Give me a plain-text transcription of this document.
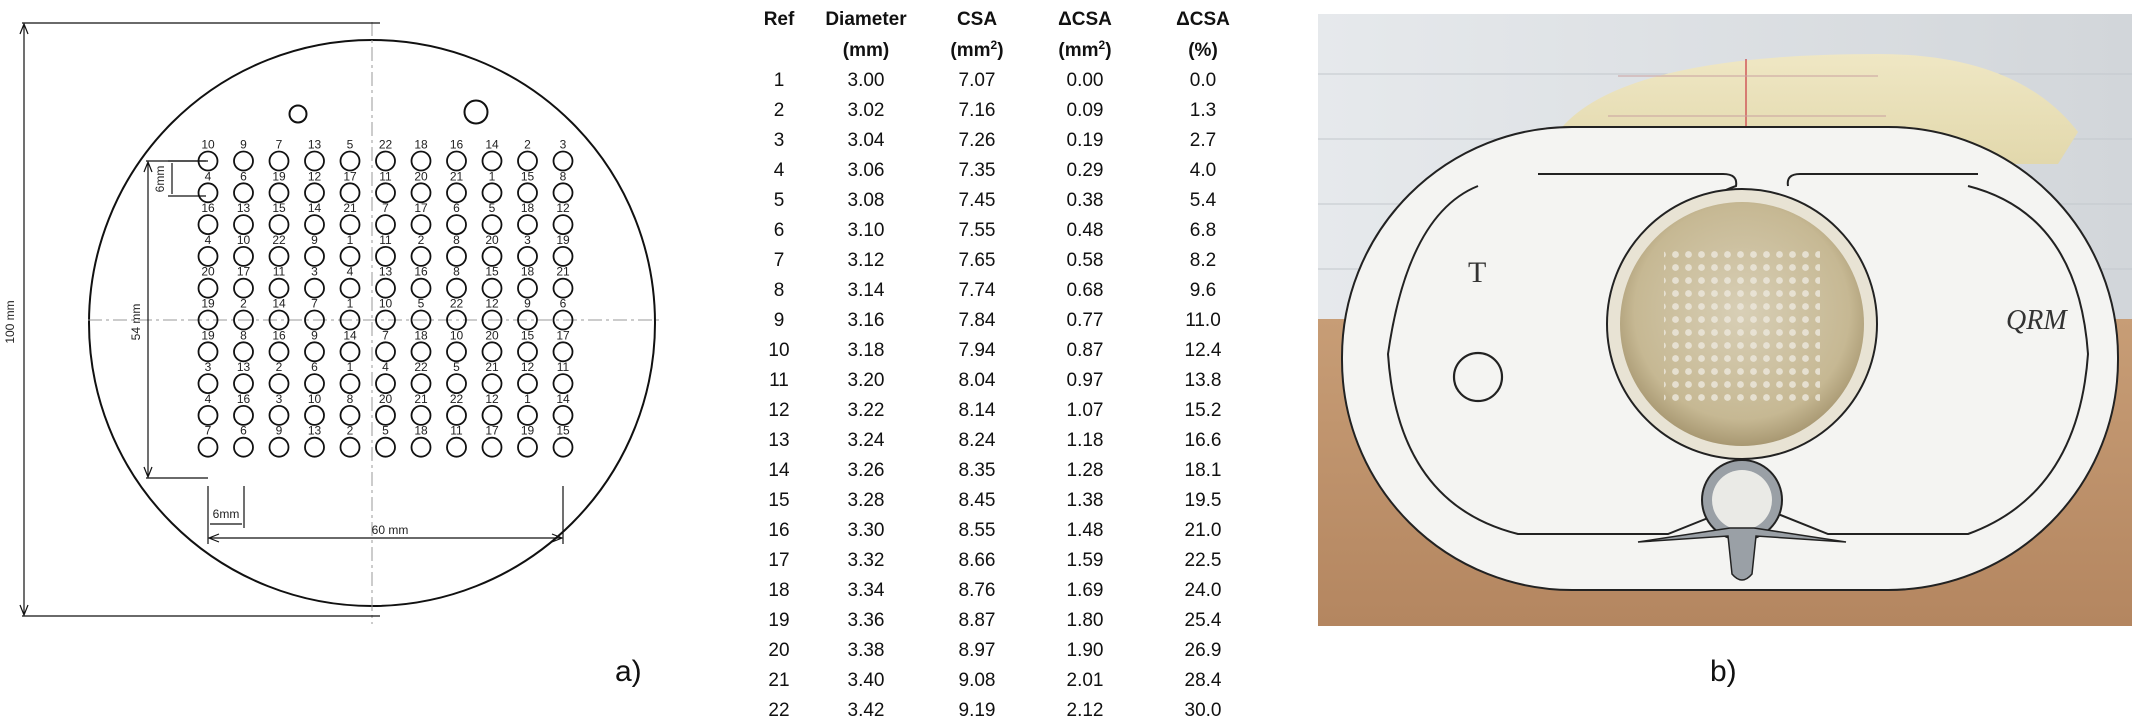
100 mm	54 mm
6mm
6mm
60 mm
10 9 7 13 5 22 18 16 14 2 3
4 6 19 12 17 11 20 21 1 15 8
16 13 15 14 21 7 17 6 5 18 12
4 10 22 9 1 11 2 8 20 3 19
20 17 11 3 4 13 16 8 15 18 21
19 2 14 7 1 10 5 22 12 9 6
19 8 16 9 14 7 18 10 20 15 17
3 13 2 6 1 4 22 5 21 12 11
4 16 3 10 8 20 21 22 12 1 14
7 6 9 13 2 5 18 11 17 19 15
Ref	Diameter	CSA	ΔCSA	ΔCSA
	(mm)	$(mm^2)$	$(mm^2)$	(%)
1	3.00	7.07	0.00	0.0
2	3.02	7.16	0.09	1.3
3	3.04	7.26	0.19	2.7
4	3.06	7.35	0.29	4.0
5	3.08	7.45	0.38	5.4
6	3.10	7.55	0.48	6.8
7	3.12	7.65	0.58	8.2
8	3.14	7.74	0.68	9.6
9	3.16	7.84	0.77	11.0
10	3.18	7.94	0.87	12.4
11	3.20	8.04	0.97	13.8
12	3.22	8.14	1.07	15.2
13	3.24	8.24	1.18	16.6
14	3.26	8.35	1.28	18.1
15	3.28	8.45	1.38	19.5
16	3.30	8.55	1.48	21.0
17	3.32	8.66	1.59	22.5
18	3.34	8.76	1.69	24.0
19	3.36	8.87	1.80	25.4
20	3.38	8.97	1.90	26.9
21	3.40	9.08	2.01	28.4
22	3.42	9.19	2.12	30.0
T
QRM
a)	b)
